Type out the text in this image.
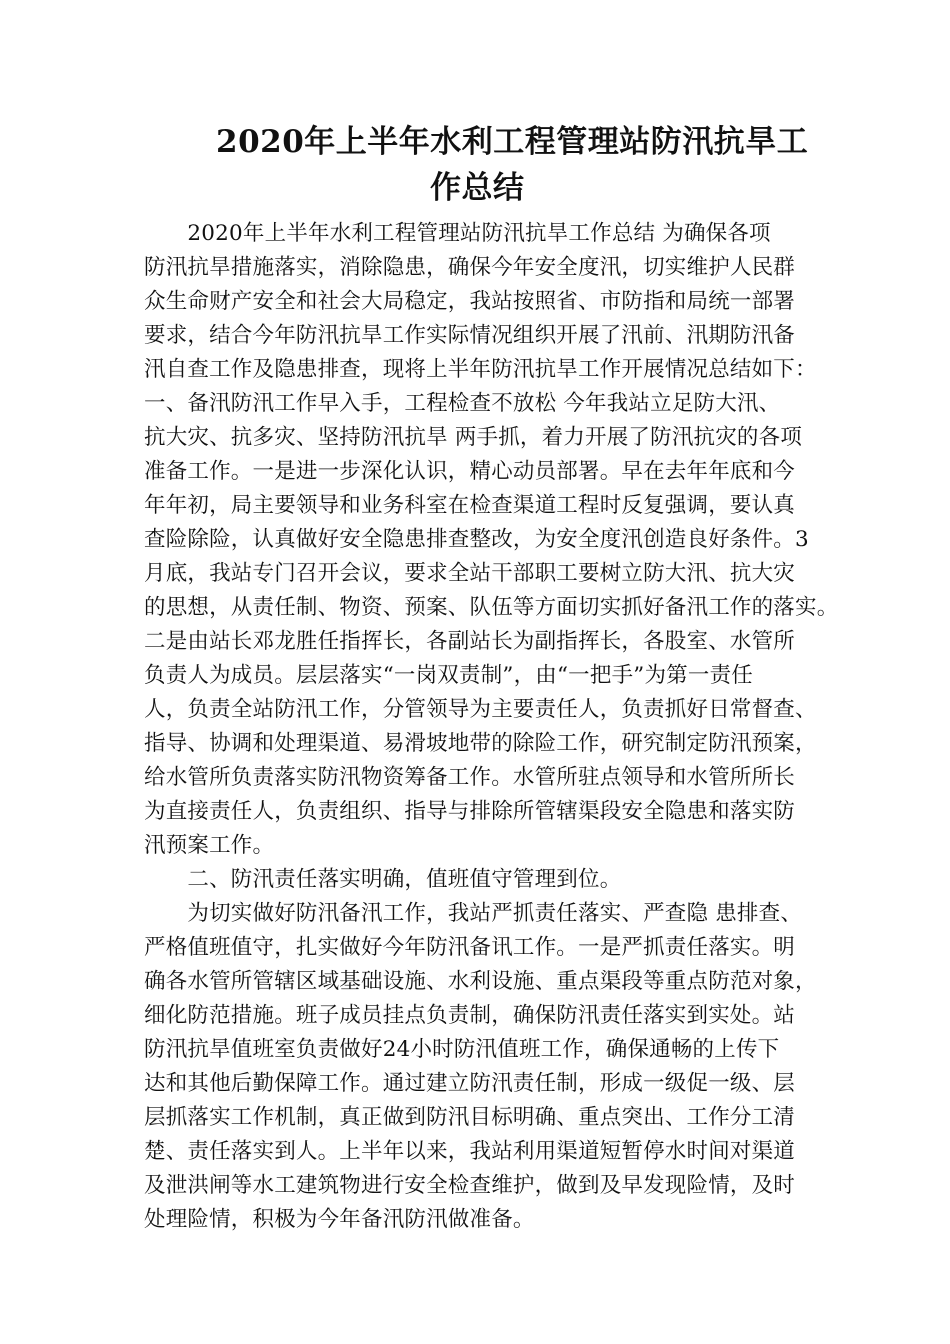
2020年上半年水利工程管理站防汛抗旱工
作总结
　　2020年上半年水利工程管理站防汛抗旱工作总结 为确保各项
防汛抗旱措施落实，消除隐患，确保今年安全度汛，切实维护人民群
众生命财产安全和社会大局稳定，我站按照省、市防指和局统一部署
要求，结合今年防汛抗旱工作实际情况组织开展了汛前、汛期防汛备
汛自查工作及隐患排查，现将上半年防汛抗旱工作开展情况总结如下：
一、备汛防汛工作早入手，工程检查不放松 今年我站立足防大汛、
抗大灾、抗多灾、坚持防汛抗旱 两手抓，着力开展了防汛抗灾的各项
准备工作。一是进一步深化认识，精心动员部署。早在去年年底和今
年年初，局主要领导和业务科室在检查渠道工程时反复强调，要认真
查险除险，认真做好安全隐患排查整改，为安全度汛创造良好条件。3
月底，我站专门召开会议，要求全站干部职工要树立防大汛、抗大灾
的思想，从责任制、物资、预案、队伍等方面切实抓好备汛工作的落实。
二是由站长邓龙胜任指挥长，各副站长为副指挥长，各股室、水管所
负责人为成员。层层落实“一岗双责制”，由“一把手”为第一责任
人，负责全站防汛工作，分管领导为主要责任人，负责抓好日常督查、
指导、协调和处理渠道、易滑坡地带的除险工作，研究制定防汛预案，
给水管所负责落实防汛物资筹备工作。水管所驻点领导和水管所所长
为直接责任人，负责组织、指导与排除所管辖渠段安全隐患和落实防
汛预案工作。
　　二、防汛责任落实明确，值班值守管理到位。
　　为切实做好防汛备汛工作，我站严抓责任落实、严查隐 患排查、
严格值班值守，扎实做好今年防汛备讯工作。一是严抓责任落实。明
确各水管所管辖区域基础设施、水利设施、重点渠段等重点防范对象，
细化防范措施。班子成员挂点负责制，确保防汛责任落实到实处。站
防汛抗旱值班室负责做好24小时防汛值班工作，确保通畅的上传下
达和其他后勤保障工作。通过建立防汛责任制，形成一级促一级、层
层抓落实工作机制，真正做到防汛目标明确、重点突出、工作分工清
楚、责任落实到人。上半年以来，我站利用渠道短暂停水时间对渠道
及泄洪闸等水工建筑物进行安全检查维护，做到及早发现险情，及时
处理险情，积极为今年备汛防汛做准备。
